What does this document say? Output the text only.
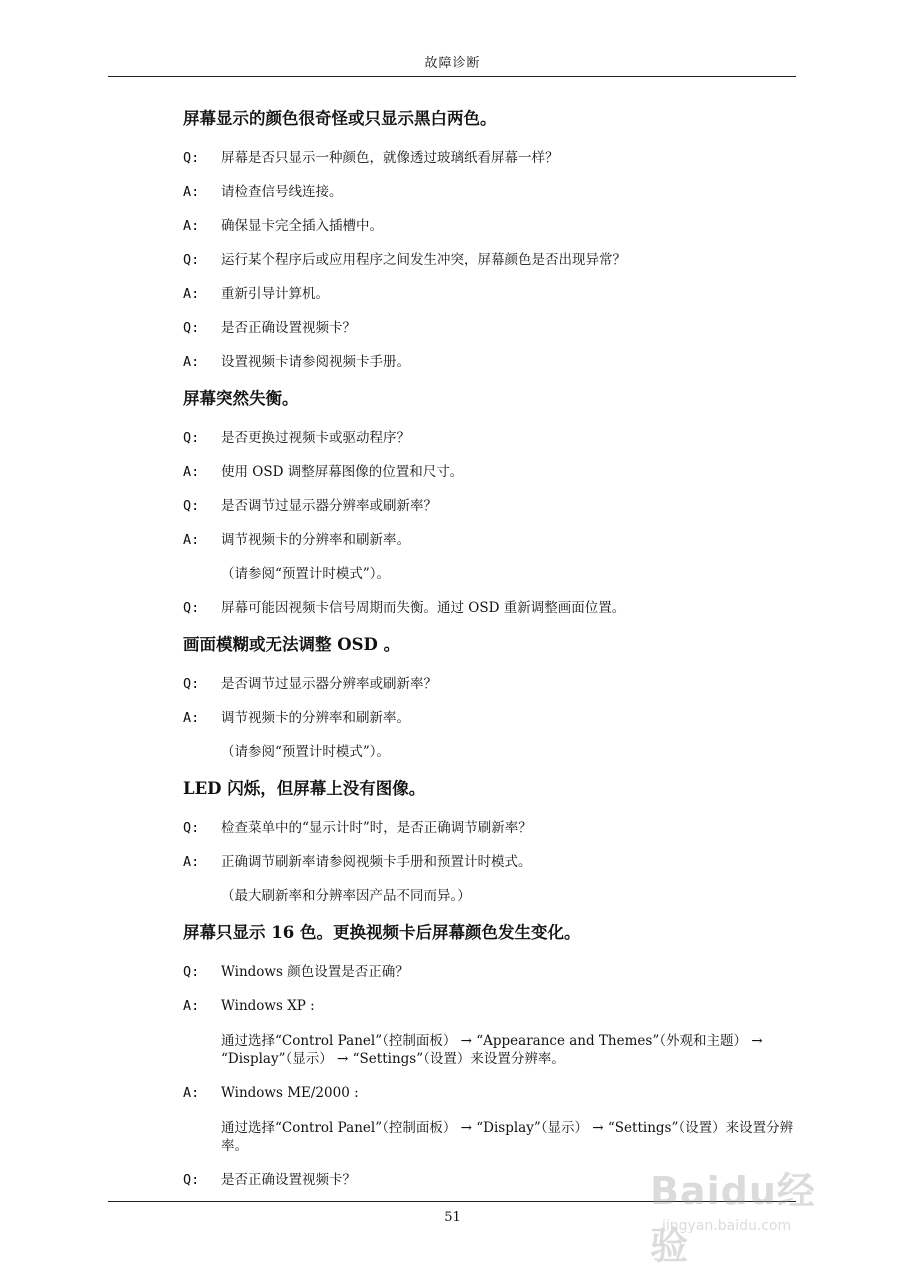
故障诊断
屏幕显示的颜色很奇怪或只显示黑白两色。
Q:	屏幕是否只显示一种颜色，就像透过玻璃纸看屏幕一样？
A:	请检查信号线连接。
A:	确保显卡完全插入插槽中。
Q:	运行某个程序后或应用程序之间发生冲突，屏幕颜色是否出现异常？
A:	重新引导计算机。
Q:	是否正确设置视频卡？
A:	设置视频卡请参阅视频卡手册。
屏幕突然失衡。
Q:	是否更换过视频卡或驱动程序？
A:	使用 OSD 调整屏幕图像的位置和尺寸。
Q:	是否调节过显示器分辨率或刷新率？
A:	调节视频卡的分辨率和刷新率。
（请参阅“预置计时模式”）。
Q:	屏幕可能因视频卡信号周期而失衡。通过 OSD 重新调整画面位置。
画面模糊或无法调整 OSD 。
Q:	是否调节过显示器分辨率或刷新率？
A:	调节视频卡的分辨率和刷新率。
（请参阅“预置计时模式”）。
LED 闪烁，但屏幕上没有图像。
Q:	检查菜单中的“显示计时”时，是否正确调节刷新率？
A:	正确调节刷新率请参阅视频卡手册和预置计时模式。
（最大刷新率和分辨率因产品不同而异。）
屏幕只显示 16 色。更换视频卡后屏幕颜色发生变化。
Q:	Windows 颜色设置是否正确？
A:	Windows XP :
通过选择“Control Panel”（控制面板） → “Appearance and Themes”（外观和主题） → “Display”（显示） → “Settings”（设置）来设置分辨率。
A:	Windows ME/2000 :
通过选择“Control Panel”（控制面板） → “Display”（显示） → “Settings”（设置）来设置分辨率。
Q:	是否正确设置视频卡？
51
Baidu经验
jingyan.baidu.com
